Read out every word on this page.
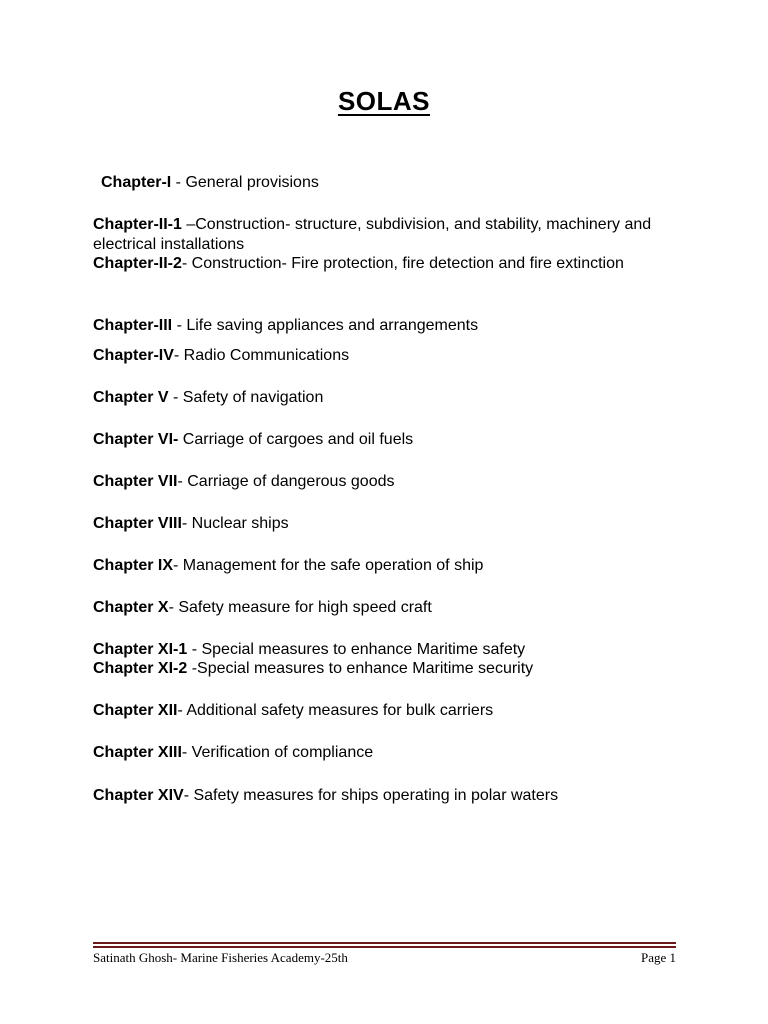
SOLAS

Chapter-I - General provisions

Chapter-II-1 –Construction- structure, subdivision, and stability, machinery and electrical installations

Chapter-II-2- Construction- Fire protection, fire detection and fire extinction

Chapter-III - Life saving appliances and arrangements

Chapter-IV- Radio Communications

Chapter V - Safety of navigation

Chapter VI- Carriage of cargoes and oil fuels

Chapter VII- Carriage of dangerous goods

Chapter VIII- Nuclear ships

Chapter IX- Management for the safe operation of ship

Chapter X- Safety measure for high speed craft

Chapter XI-1 - Special measures to enhance Maritime safety

Chapter XI-2 -Special measures to enhance Maritime security

Chapter XII- Additional safety measures for bulk carriers

Chapter XIII- Verification of compliance

Chapter XIV- Safety measures for ships operating in polar waters

Satinath Ghosh- Marine Fisheries Academy-25th	Page 1
